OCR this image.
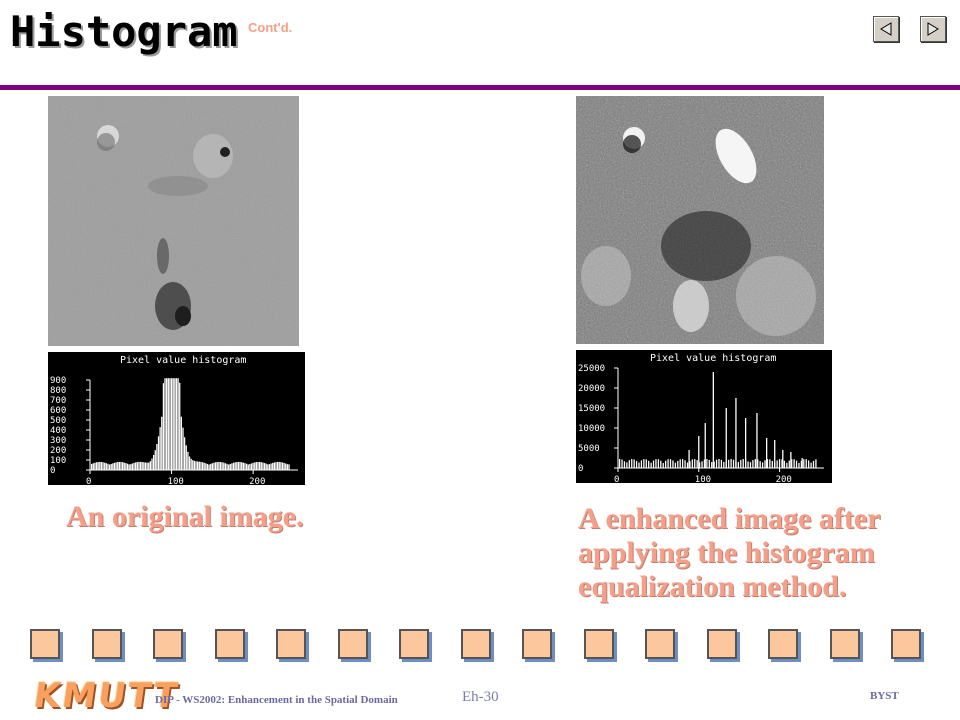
Histogram Cont'd.
Pixel value histogram
900
800
700
600
500
400
300
200
100
0
0	100	200
An original image.
Pixel value histogram
25000
20000
15000
10000
5000
0
0	100	200
A enhanced image after
applying the histogram
equalization method.
KMUTT
DIP - WS2002: Enhancement in the Spatial Domain	Eh-30	BYST
